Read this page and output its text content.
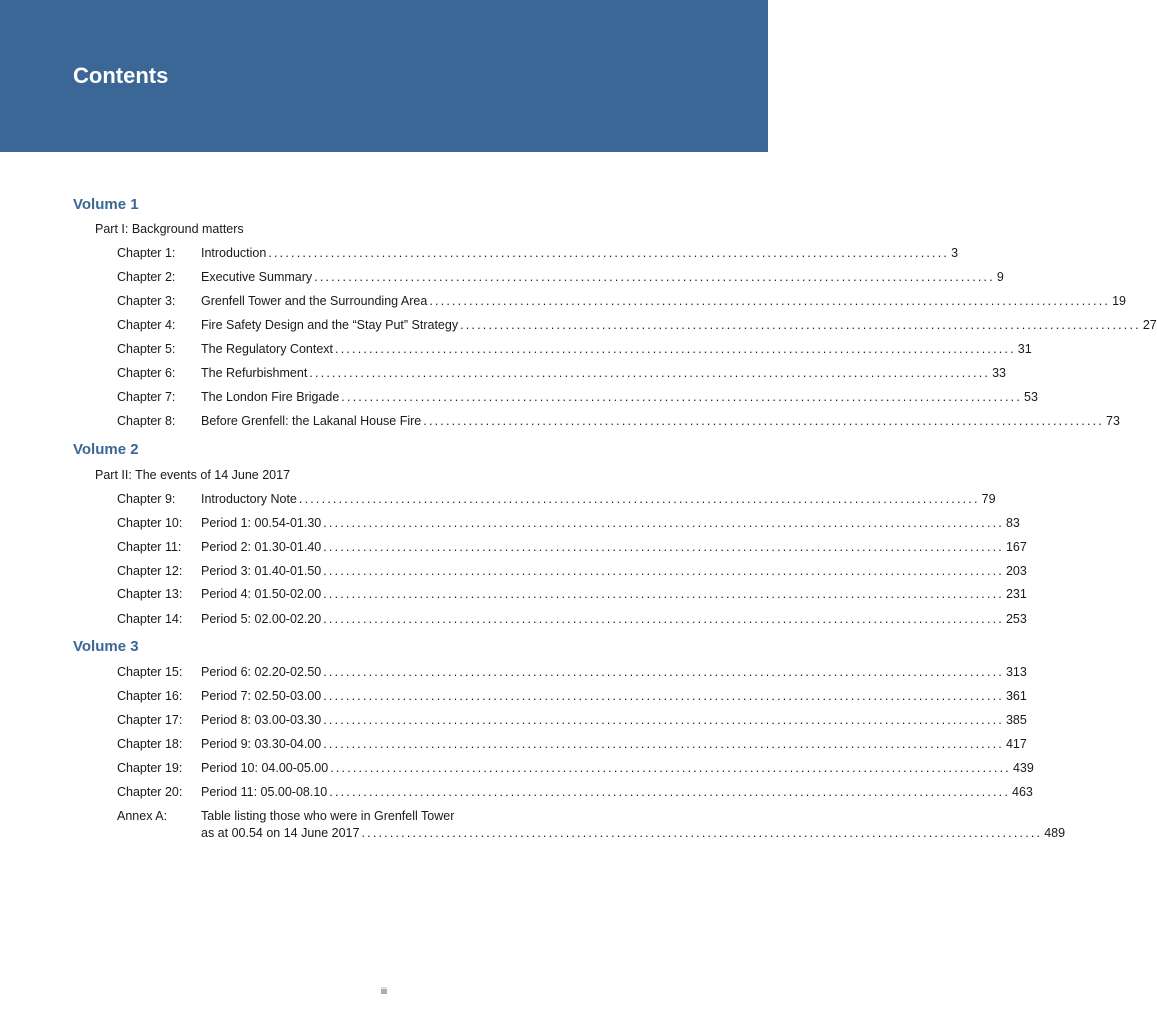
Contents
Volume 1
Part I: Background matters
Chapter 1: Introduction ........................................................................................................................ 3
Chapter 2: Executive Summary ........................................................................................................................ 9
Chapter 3: Grenfell Tower and the Surrounding Area ........................................................................................................................ 19
Chapter 4: Fire Safety Design and the “Stay Put” Strategy ........................................................................................................................ 27
Chapter 5: The Regulatory Context ........................................................................................................................ 31
Chapter 6: The Refurbishment ........................................................................................................................ 33
Chapter 7: The London Fire Brigade ........................................................................................................................ 53
Chapter 8: Before Grenfell: the Lakanal House Fire ........................................................................................................................ 73
Volume 2
Part II: The events of 14 June 2017
Chapter 9: Introductory Note ........................................................................................................................ 79
Chapter 10: Period 1: 00.54-01.30 ........................................................................................................................ 83
Chapter 11: Period 2: 01.30-01.40 ........................................................................................................................ 167
Chapter 12: Period 3: 01.40-01.50 ........................................................................................................................ 203
Chapter 13: Period 4: 01.50-02.00 ........................................................................................................................ 231
Chapter 14: Period 5: 02.00-02.20 ........................................................................................................................ 253
Volume 3
Chapter 15: Period 6: 02.20-02.50 ........................................................................................................................ 313
Chapter 16: Period 7: 02.50-03.00 ........................................................................................................................ 361
Chapter 17: Period 8: 03.00-03.30 ........................................................................................................................ 385
Chapter 18: Period 9: 03.30-04.00 ........................................................................................................................ 417
Chapter 19: Period 10: 04.00-05.00 ........................................................................................................................ 439
Chapter 20: Period 11: 05.00-08.10 ........................................................................................................................ 463
Annex A:	Table listing those who were in Grenfell Tower
as at 00.54 on 14 June 2017 ........................................................................................................................ 489
iii
